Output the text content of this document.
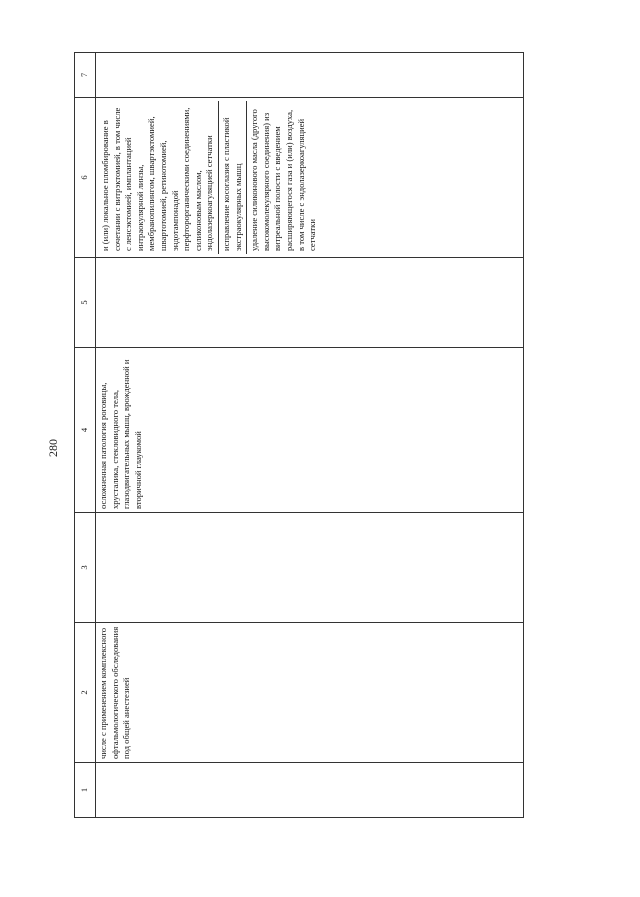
280
1	2	3	4	5	6	7

	числе с применением комплексного офтальмологического обследования под общей анестезией		осложненная патология роговицы, хрусталика, стекловидного тела, глазодвигательных мышц, врожденной и вторичной глаукомой		и (или) локальное пломбирование в сочетании с витрэктомией, в том числе с ленсэктомией, имплантацией интраокулярной линзы, мембранопилингом, швартэктомией, швартотомией, ретинотомией, эндотампонадой перфторорганическими соединениями, силиконовым маслом, эндолазеркоагуляцией сетчатки исправление косоглазия с пластикой экстраокулярных мышц удаление силиконового масла (другого высокомолекулярного соединения) из витреальной полости с введением расширяющегося газа и (или) воздуха, в том числе с эндолазеркоагуляцией сетчатки	
